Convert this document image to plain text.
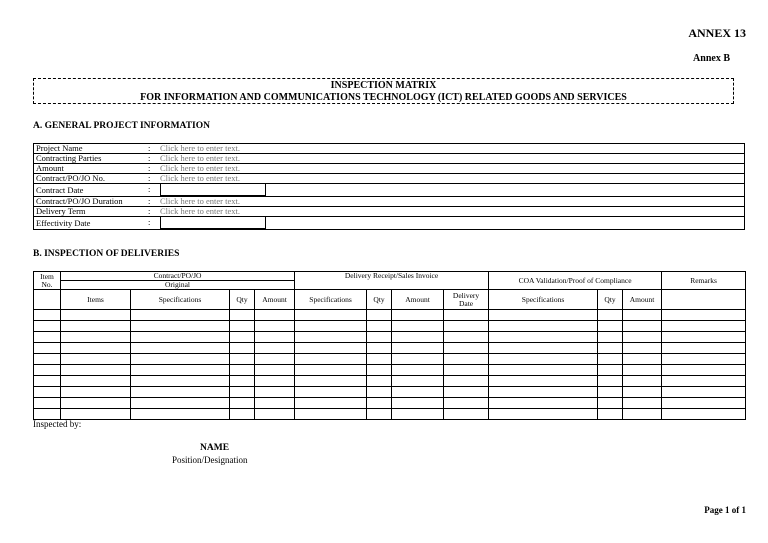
ANNEX 13
Annex B
INSPECTION MATRIX
FOR INFORMATION AND COMMUNICATIONS TECHNOLOGY (ICT) RELATED GOODS AND SERVICES
A. GENERAL PROJECT INFORMATION
Project Name	: Click here to enter text.
Contracting Parties	: Click here to enter text.
Amount	: Click here to enter text.
Contract/PO/JO No.	: Click here to enter text.
Contract Date	:
Contract/PO/JO Duration	: Click here to enter text.
Delivery Term	: Click here to enter text.
Effectivity Date	:
B. INSPECTION OF DELIVERIES
Item No.	Contract/PO/JO				Delivery Receipt/Sales Invoice				COA Validation/Proof of Compliance			Remarks
	Original											
	Items	Specifications	Qty	Amount	Specifications	Qty	Amount	Delivery Date	Specifications	Qty	Amount	

Inspected by:
NAME
Position/Designation
Page 1 of 1
